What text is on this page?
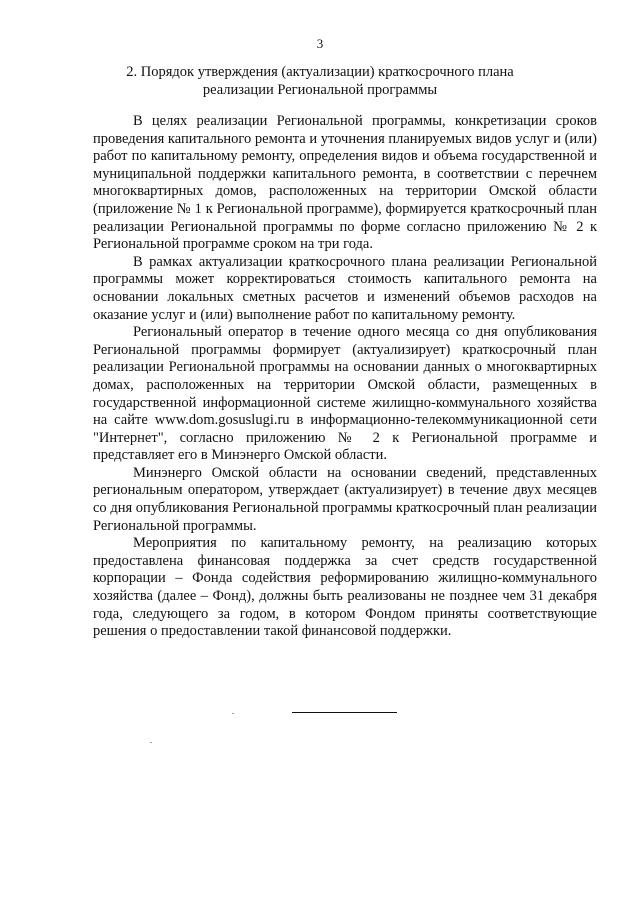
3
2. Порядок утверждения (актуализации) краткосрочного плана реализации Региональной программы

В целях реализации Региональной программы, конкретизации сроков проведения капитального ремонта и уточнения планируемых видов услуг и (или) работ по капитальному ремонту, определения видов и объема государственной и муниципальной поддержки капитального ремонта, в соответствии с перечнем многоквартирных домов, расположенных на территории Омской области (приложение № 1 к Региональной программе), формируется краткосрочный план реализации Региональной программы по форме согласно приложению № 2 к Региональной программе сроком на три года.

В рамках актуализации краткосрочного плана реализации Региональной программы может корректироваться стоимость капитального ремонта на основании локальных сметных расчетов и изменений объемов расходов на оказание услуг и (или) выполнение работ по капитальному ремонту.

Региональный оператор в течение одного месяца со дня опубликования Региональной программы формирует (актуализирует) краткосрочный план реализации Региональной программы на основании данных о многоквартирных домах, расположенных на территории Омской области, размещенных в государственной информационной системе жилищно-коммунального хозяйства на сайте www.dom.gosuslugi.ru в информационно-телекоммуникационной сети "Интернет", согласно приложению № 2 к Региональной программе и представляет его в Минэнерго Омской области.

Минэнерго Омской области на основании сведений, представленных региональным оператором, утверждает (актуализирует) в течение двух месяцев со дня опубликования Региональной программы краткосрочный план реализации Региональной программы.

Мероприятия по капитальному ремонту, на реализацию которых предоставлена финансовая поддержка за счет средств государственной корпорации – Фонда содействия реформированию жилищно-коммунального хозяйства (далее – Фонд), должны быть реализованы не позднее чем 31 декабря года, следующего за годом, в котором Фондом приняты соответствующие решения о предоставлении такой финансовой поддержки.
